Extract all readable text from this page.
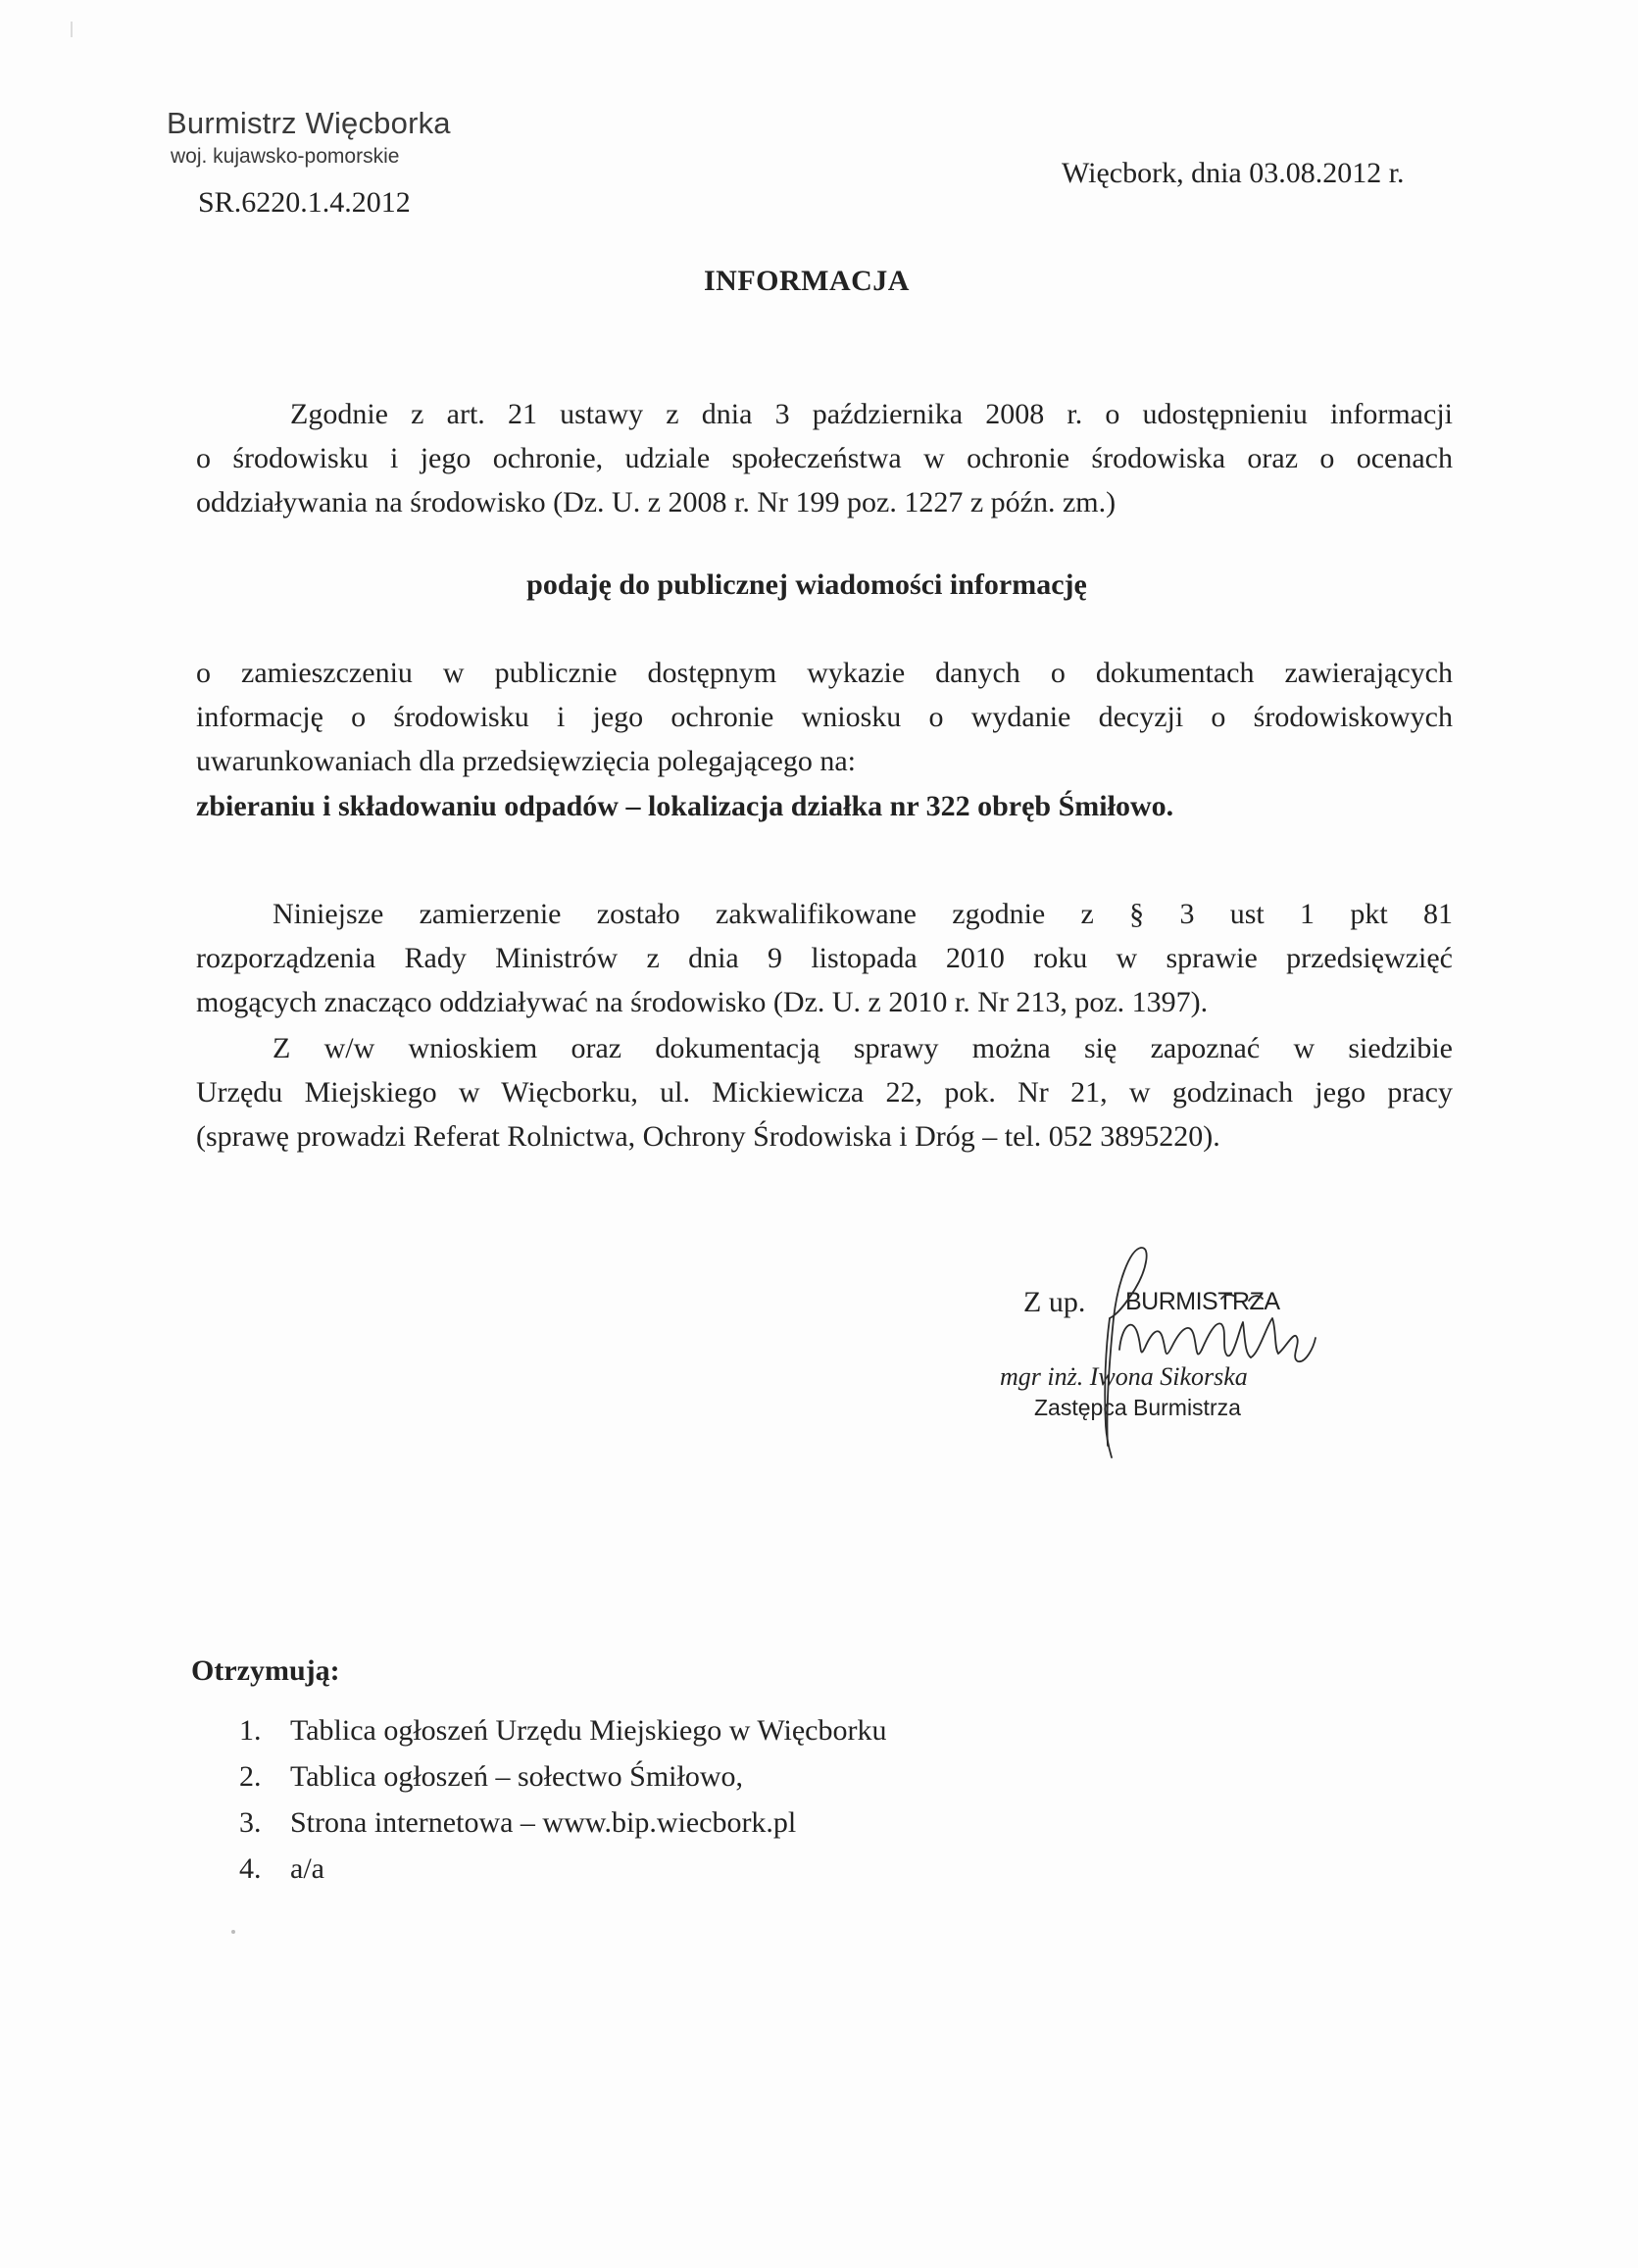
Burmistrz Więcborka
woj. kujawsko-pomorskie
SR.6220.1.4.2012
Więcbork, dnia 03.08.2012 r.
INFORMACJA
Zgodnie z art. 21 ustawy z dnia 3 października 2008 r. o udostępnieniu informacji
o środowisku i jego ochronie, udziale społeczeństwa w ochronie środowiska oraz o ocenach
oddziaływania na środowisko (Dz. U. z 2008 r. Nr 199 poz. 1227 z późn. zm.)
podaję do publicznej wiadomości informację
o zamieszczeniu w publicznie dostępnym wykazie danych o dokumentach zawierających
informację o środowisku i jego ochronie wniosku o wydanie decyzji o środowiskowych
uwarunkowaniach dla przedsięwzięcia polegającego na:
zbieraniu i składowaniu odpadów – lokalizacja działka nr 322 obręb Śmiłowo.
Niniejsze zamierzenie zostało zakwalifikowane zgodnie z § 3 ust 1 pkt 81
rozporządzenia Rady Ministrów z dnia 9 listopada 2010 roku w sprawie przedsięwzięć
mogących znacząco oddziaływać na środowisko (Dz. U. z 2010 r. Nr 213, poz. 1397).
Z w/w wnioskiem oraz dokumentacją sprawy można się zapoznać w siedzibie
Urzędu Miejskiego w Więcborku, ul. Mickiewicza 22, pok. Nr 21, w godzinach jego pracy
(sprawę prowadzi Referat Rolnictwa, Ochrony Środowiska i Dróg – tel. 052 3895220).
Z up. BURMISTRZA
mgr inż. Iwona Sikorska
Zastępca Burmistrza
Otrzymują:
1. Tablica ogłoszeń Urzędu Miejskiego w Więcborku
2. Tablica ogłoszeń – sołectwo Śmiłowo,
3. Strona internetowa – www.bip.wiecbork.pl
4. a/a
